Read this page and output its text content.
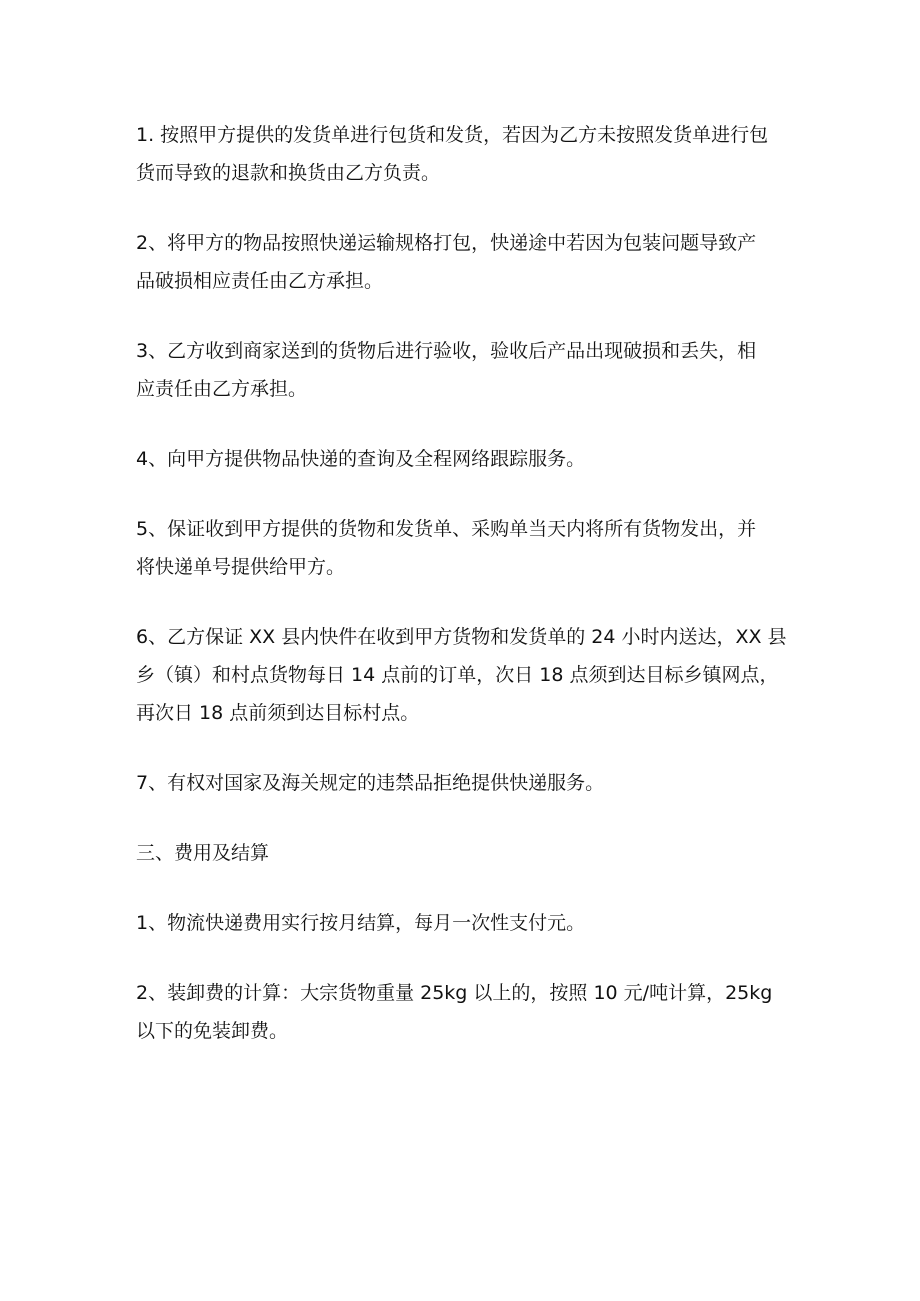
1. 按照甲方提供的发货单进行包货和发货，若因为乙方未按照发货单进行包
货而导致的退款和换货由乙方负责。

2、将甲方的物品按照快递运输规格打包，快递途中若因为包装问题导致产
品破损相应责任由乙方承担。

3、乙方收到商家送到的货物后进行验收，验收后产品出现破损和丢失，相
应责任由乙方承担。

4、向甲方提供物品快递的查询及全程网络跟踪服务。

5、保证收到甲方提供的货物和发货单、采购单当天内将所有货物发出，并
将快递单号提供给甲方。

6、乙方保证 XX 县内快件在收到甲方货物和发货单的 24 小时内送达，XX 县
乡（镇）和村点货物每日 14 点前的订单，次日 18 点须到达目标乡镇网点，
再次日 18 点前须到达目标村点。

7、有权对国家及海关规定的违禁品拒绝提供快递服务。

三、费用及结算

1、物流快递费用实行按月结算，每月一次性支付元。

2、装卸费的计算：大宗货物重量 25kg 以上的，按照 10 元/吨计算，25kg
以下的免装卸费。
